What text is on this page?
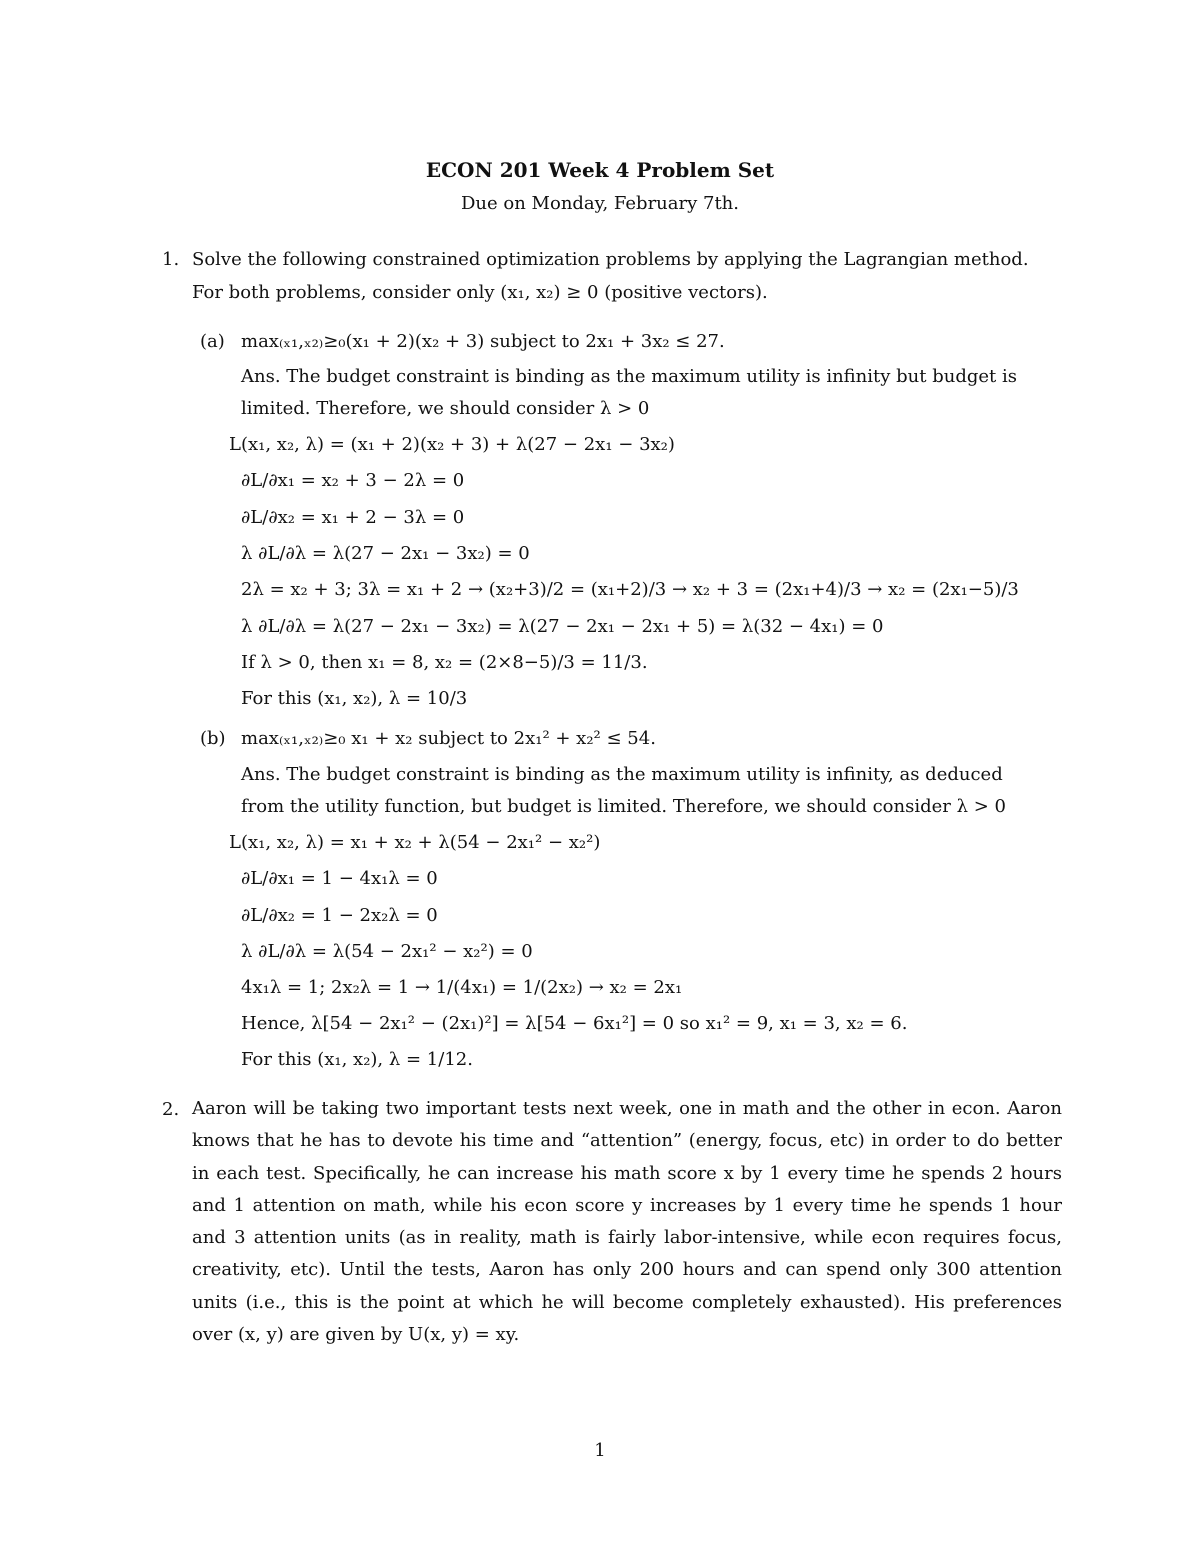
ECON 201 Week 4 Problem Set
Due on Monday, February 7th.
1. Solve the following constrained optimization problems by applying the Lagrangian method.
For both problems, consider only (x₁, x₂) ≥ 0 (positive vectors).
(a) max₍ₓ₁,ₓ₂₎≥₀(x₁ + 2)(x₂ + 3) subject to 2x₁ + 3x₂ ≤ 27.
Ans. The budget constraint is binding as the maximum utility is infinity but budget is
limited. Therefore, we should consider λ > 0
L(x₁, x₂, λ) = (x₁ + 2)(x₂ + 3) + λ(27 − 2x₁ − 3x₂)
∂L/∂x₁ = x₂ + 3 − 2λ = 0
∂L/∂x₂ = x₁ + 2 − 3λ = 0
λ ∂L/∂λ = λ(27 − 2x₁ − 3x₂) = 0
2λ = x₂ + 3; 3λ = x₁ + 2 → (x₂+3)/2 = (x₁+2)/3 → x₂ + 3 = (2x₁+4)/3 → x₂ = (2x₁−5)/3
λ ∂L/∂λ = λ(27 − 2x₁ − 3x₂) = λ(27 − 2x₁ − 2x₁ + 5) = λ(32 − 4x₁) = 0
If λ > 0, then x₁ = 8, x₂ = (2×8−5)/3 = 11/3.
For this (x₁, x₂), λ = 10/3
(b) max₍ₓ₁,ₓ₂₎≥₀ x₁ + x₂ subject to 2x₁² + x₂² ≤ 54.
Ans. The budget constraint is binding as the maximum utility is infinity, as deduced
from the utility function, but budget is limited. Therefore, we should consider λ > 0
L(x₁, x₂, λ) = x₁ + x₂ + λ(54 − 2x₁² − x₂²)
∂L/∂x₁ = 1 − 4x₁λ = 0
∂L/∂x₂ = 1 − 2x₂λ = 0
λ ∂L/∂λ = λ(54 − 2x₁² − x₂²) = 0
4x₁λ = 1; 2x₂λ = 1 → 1/(4x₁) = 1/(2x₂) → x₂ = 2x₁
Hence, λ[54 − 2x₁² − (2x₁)²] = λ[54 − 6x₁²] = 0 so x₁² = 9, x₁ = 3, x₂ = 6.
For this (x₁, x₂), λ = 1/12.
2. Aaron will be taking two important tests next week, one in math and the other in econ. Aaron knows that he has to devote his time and “attention” (energy, focus, etc) in order to do better in each test. Specifically, he can increase his math score x by 1 every time he spends 2 hours and 1 attention on math, while his econ score y increases by 1 every time he spends 1 hour and 3 attention units (as in reality, math is fairly labor-intensive, while econ requires focus, creativity, etc). Until the tests, Aaron has only 200 hours and can spend only 300 attention units (i.e., this is the point at which he will become completely exhausted). His preferences over (x, y) are given by U(x, y) = xy.
1
